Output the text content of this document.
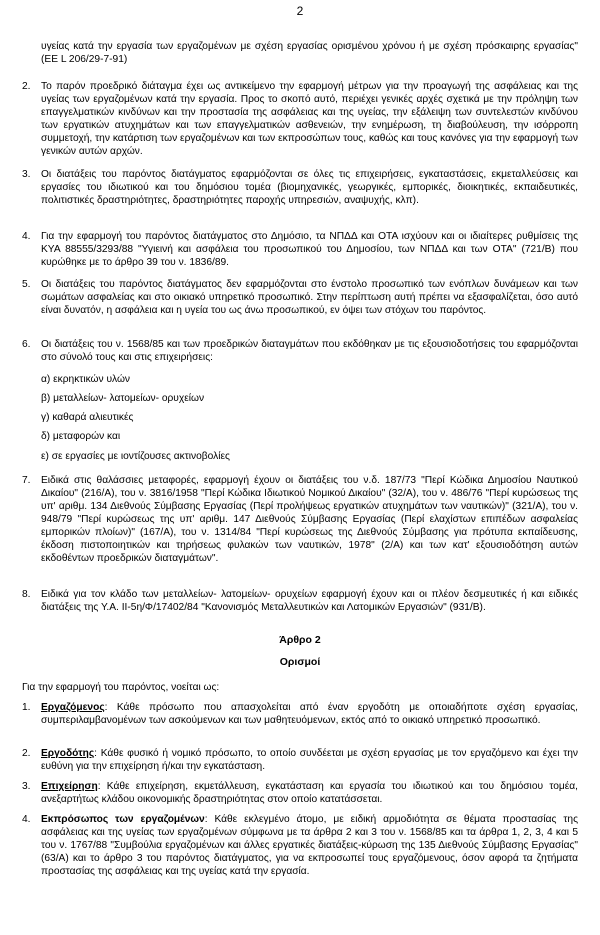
2
υγείας κατά την εργασία των εργαζομένων με σχέση εργασίας ορισμένου χρόνου ή με σχέση πρόσκαιρης εργασίας" (ΕΕ L 206/29-7-91)
2. Το παρόν προεδρικό διάταγμα έχει ως αντικείμενο την εφαρμογή μέτρων για την προαγωγή της ασφάλειας και της υγείας των εργαζομένων κατά την εργασία. Προς το σκοπό αυτό, περιέχει γενικές αρχές σχετικά με την πρόληψη των επαγγελματικών κινδύνων και την προστασία της ασφάλειας και της υγείας, την εξάλειψη των συντελεστών κινδύνου των εργατικών ατυχημάτων και των επαγγελματικών ασθενειών, την ενημέρωση, τη διαβούλευση, την ισόρροπη συμμετοχή, την κατάρτιση των εργαζομένων και των εκπροσώπων τους, καθώς και τους κανόνες για την εφαρμογή των γενικών αυτών αρχών.
3. Οι διατάξεις του παρόντος διατάγματος εφαρμόζονται σε όλες τις επιχειρήσεις, εγκαταστάσεις, εκμεταλλεύσεις και εργασίες του ιδιωτικού και του δημόσιου τομέα (βιομηχανικές, γεωργικές, εμπορικές, διοικητικές, εκπαιδευτικές, πολιτιστικές δραστηριότητες, δραστηριότητες παροχής υπηρεσιών, αναψυχής, κλπ).
4. Για την εφαρμογή του παρόντος διατάγματος στο Δημόσιο, τα ΝΠΔΔ και ΟΤΑ ισχύουν και οι ιδιαίτερες ρυθμίσεις της ΚΥΑ 88555/3293/88 "Υγιεινή και ασφάλεια του προσωπικού του Δημοσίου, των ΝΠΔΔ και των ΟΤΑ" (721/Β) που κυρώθηκε με το άρθρο 39 του ν. 1836/89.
5. Οι διατάξεις του παρόντος διατάγματος δεν εφαρμόζονται στο ένστολο προσωπικό των ενόπλων δυνάμεων και των σωμάτων ασφαλείας και στο οικιακό υπηρετικό προσωπικό. Στην περίπτωση αυτή πρέπει να εξασφαλίζεται, όσο αυτό είναι δυνατόν, η ασφάλεια και η υγεία του ως άνω προσωπικού, εν όψει των στόχων του παρόντος.
6. Οι διατάξεις του ν. 1568/85 και των προεδρικών διαταγμάτων που εκδόθηκαν με τις εξουσιοδοτήσεις του εφαρμόζονται στο σύνολό τους και στις επιχειρήσεις:
α) εκρηκτικών υλών
β) μεταλλείων- λατομείων- ορυχείων
γ) καθαρά αλιευτικές
δ) μεταφορών και
ε) σε εργασίες με ιοντίζουσες ακτινοβολίες
7. Ειδικά στις θαλάσσιες μεταφορές, εφαρμογή έχουν οι διατάξεις του ν.δ. 187/73 "Περί Κώδικα Δημοσίου Ναυτικού Δικαίου" (216/Α), του ν. 3816/1958 "Περί Κώδικα Ιδιωτικού Νομικού Δικαίου" (32/Α), του ν. 486/76 "Περί κυρώσεως της υπ' αριθμ. 134 Διεθνούς Σύμβασης Εργασίας (Περί προλήψεως εργατικών ατυχημάτων των ναυτικών)" (321/Α), του ν. 948/79 "Περί κυρώσεως της υπ' αριθμ. 147 Διεθνούς Σύμβασης Εργασίας (Περί ελαχίστων επιπέδων ασφαλείας εμπορικών πλοίων)" (167/Α), του ν. 1314/84 "Περί κυρώσεως της Διεθνούς Σύμβασης για πρότυπα εκπαίδευσης, έκδοση πιστοποιητικών και τηρήσεως φυλακών των ναυτικών, 1978" (2/Α) και των κατ' εξουσιοδότηση αυτών εκδοθέντων προεδρικών διαταγμάτων".
8. Ειδικά για τον κλάδο των μεταλλείων- λατομείων- ορυχείων εφαρμογή έχουν και οι πλέον δεσμευτικές ή και ειδικές διατάξεις της Υ.Α. ΙΙ-5η/Φ/17402/84 "Κανονισμός Μεταλλευτικών και Λατομικών Εργασιών" (931/Β).
Άρθρο 2
Ορισμοί
Για την εφαρμογή του παρόντος, νοείται ως:
1. Εργαζόμενος: Κάθε πρόσωπο που απασχολείται από έναν εργοδότη με οποιαδήποτε σχέση εργασίας, συμπεριλαμβανομένων των ασκούμενων και των μαθητευόμενων, εκτός από το οικιακό υπηρετικό προσωπικό.
2. Εργοδότης: Κάθε φυσικό ή νομικό πρόσωπο, το οποίο συνδέεται με σχέση εργασίας με τον εργαζόμενο και έχει την ευθύνη για την επιχείρηση ή/και την εγκατάσταση.
3. Επιχείρηση: Κάθε επιχείρηση, εκμετάλλευση, εγκατάσταση και εργασία του ιδιωτικού και του δημόσιου τομέα, ανεξαρτήτως κλάδου οικονομικής δραστηριότητας στον οποίο κατατάσσεται.
4. Εκπρόσωπος των εργαζομένων: Κάθε εκλεγμένο άτομο, με ειδική αρμοδιότητα σε θέματα προστασίας της ασφάλειας και της υγείας των εργαζομένων σύμφωνα με τα άρθρα 2 και 3 του ν. 1568/85 και τα άρθρα 1, 2, 3, 4 και 5 του ν. 1767/88 "Συμβούλια εργαζομένων και άλλες εργατικές διατάξεις-κύρωση της 135 Διεθνούς Σύμβασης Εργασίας" (63/Α) και το άρθρο 3 του παρόντος διατάγματος, για να εκπροσωπεί τους εργαζόμενους, όσον αφορά τα ζητήματα προστασίας της ασφάλειας και της υγείας κατά την εργασία.
